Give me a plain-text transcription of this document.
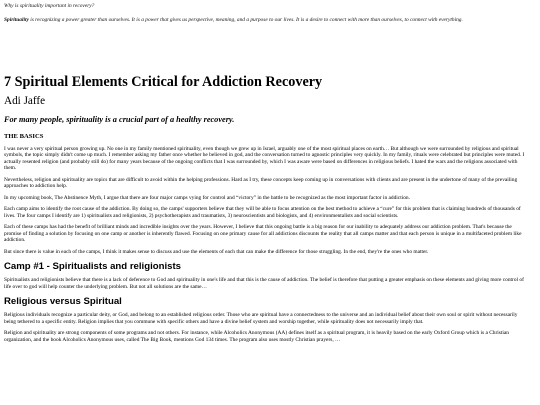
Why is spirituality important in recovery?

Spirituality is recognizing a power greater than ourselves. It is a power that gives us perspective, meaning, and a purpose to our lives. It is a desire to connect with more than ourselves, to connect with everything.

7 Spiritual Elements Critical for Addiction Recovery
Adi Jaffe
For many people, spirituality is a crucial part of a healthy recovery.
THE BASICS

I was never a very spiritual person growing up. No one in my family mentioned spirituality, even though we grew up in Israel, arguably one of the most spiritual places on earth… But although we were surrounded by religious and spiritual symbols, the topic simply didn't come up much. I remember asking my father once whether he believed in god, and the conversation turned to agnostic principles very quickly. In my family, rituals were celebrated but principles were muted. I actually resented religion (and probably still do) for many years because of the ongoing conflicts that I was surrounded by, which I was aware were based on differences in religious beliefs. I hated the wars and the religions associated with them.

Nevertheless, religion and spirituality are topics that are difficult to avoid within the helping professions. Hard as I try, these concepts keep coming up in conversations with clients and are present in the undertone of many of the prevailing approaches to addiction help.

In my upcoming book, The Abstinence Myth, I argue that there are four major camps vying for control and “victory” in the battle to be recognized as the most important factor in addiction.

Each camp aims to identify the root cause of the addiction. By doing so, the camps' supporters believe that they will be able to focus attention on the best method to achieve a “cure” for this problem that is claiming hundreds of thousands of lives. The four camps I identify are 1) spiritualists and religionists, 2) psychotherapists and traumatists, 3) neuroscientists and biologists, and 4) environmentalists and social scientists.

Each of these camps has had the benefit of brilliant minds and incredible insights over the years. However, I believe that this ongoing battle is a big reason for our inability to adequately address our addiction problem. That's because the promise of finding a solution by focusing on one camp or another is inherently flawed. Focusing on one primary cause for all addictions discounts the reality that all camps matter and that each person is unique in a multifaceted problem like addiction.

But since there is value in each of the camps, I think it makes sense to discuss and use the elements of each that can make the difference for those struggling. In the end, they're the ones who matter.

Camp #1 - Spiritualists and religionists

Spiritualists and religionists believe that there is a lack of deference to God and spirituality in one's life and that this is the cause of addiction. The belief is therefore that putting a greater emphasis on these elements and giving more control of life over to god will help counter the underlying problem. But not all solutions are the same…

Religious versus Spiritual

Religious individuals recognize a particular deity, or God, and belong to an established religious order. Those who are spiritual have a connectedness to the universe and an individual belief about their own soul or spirit without necessarily being tethered to a specific entity. Religion implies that you commune with specific others and have a divine belief system and worship together, while spirituality does not necessarily imply that.

Religion and spirituality are strong components of some programs and not others. For instance, while Alcoholics Anonymous (AA) defines itself as a spiritual program, it is heavily based on the early Oxford Group which is a Christian organization, and the book Alcoholics Anonymous uses, called The Big Book, mentions God 134 times. The program also uses mostly Christian prayers, …
